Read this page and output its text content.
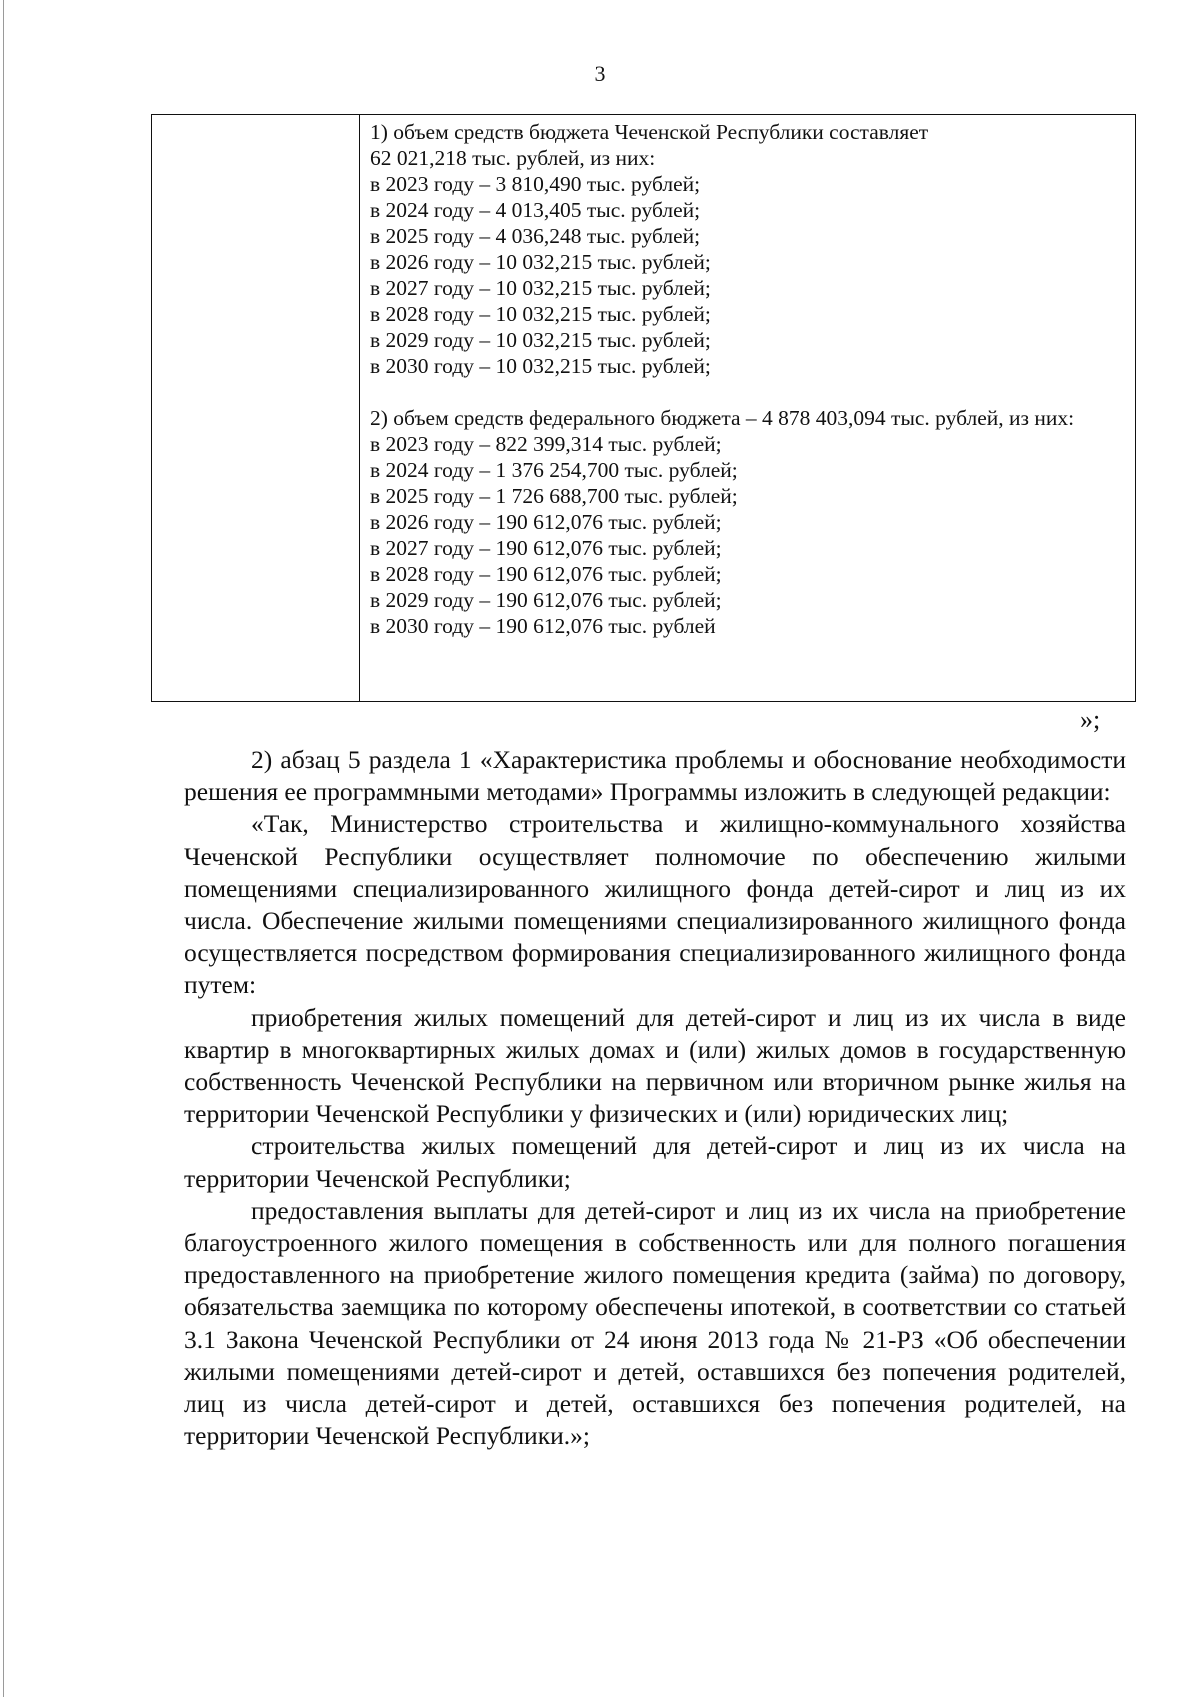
3
1) объем средств бюджета Чеченской Республики составляет
62 021,218 тыс. рублей, из них:
в 2023 году – 3 810,490 тыс. рублей;
в 2024 году – 4 013,405 тыс. рублей;
в 2025 году – 4 036,248 тыс. рублей;
в 2026 году – 10 032,215 тыс. рублей;
в 2027 году – 10 032,215 тыс. рублей;
в 2028 году – 10 032,215 тыс. рублей;
в 2029 году – 10 032,215 тыс. рублей;
в 2030 году – 10 032,215 тыс. рублей;
2) объем средств федерального бюджета – 4 878 403,094 тыс. рублей, из них:
в 2023 году – 822 399,314 тыс. рублей;
в 2024 году – 1 376 254,700 тыс. рублей;
в 2025 году – 1 726 688,700 тыс. рублей;
в 2026 году – 190 612,076 тыс. рублей;
в 2027 году – 190 612,076 тыс. рублей;
в 2028 году – 190 612,076 тыс. рублей;
в 2029 году – 190 612,076 тыс. рублей;
в 2030 году – 190 612,076 тыс. рублей
»;

2) абзац 5 раздела 1 «Характеристика проблемы и обоснование необходимости решения ее программными методами» Программы изложить в следующей редакции:

«Так, Министерство строительства и жилищно-коммунального хозяйства Чеченской Республики осуществляет полномочие по обеспечению жилыми помещениями специализированного жилищного фонда детей-сирот и лиц из их числа. Обеспечение жилыми помещениями специализированного жилищного фонда осуществляется посредством формирования специализированного жилищного фонда путем:

приобретения жилых помещений для детей-сирот и лиц из их числа в виде квартир в многоквартирных жилых домах и (или) жилых домов в государственную собственность Чеченской Республики на первичном или вторичном рынке жилья на территории Чеченской Республики у физических и (или) юридических лиц;

строительства жилых помещений для детей-сирот и лиц из их числа на территории Чеченской Республики;

предоставления выплаты для детей-сирот и лиц из их числа на приобретение благоустроенного жилого помещения в собственность или для полного погашения предоставленного на приобретение жилого помещения кредита (займа) по договору, обязательства заемщика по которому обеспечены ипотекой, в соответствии со статьей 3.1 Закона Чеченской Республики от 24 июня 2013 года № 21-РЗ «Об обеспечении жилыми помещениями детей-сирот и детей, оставшихся без попечения родителей, лиц из числа детей-сирот и детей, оставшихся без попечения родителей, на территории Чеченской Республики.»;
